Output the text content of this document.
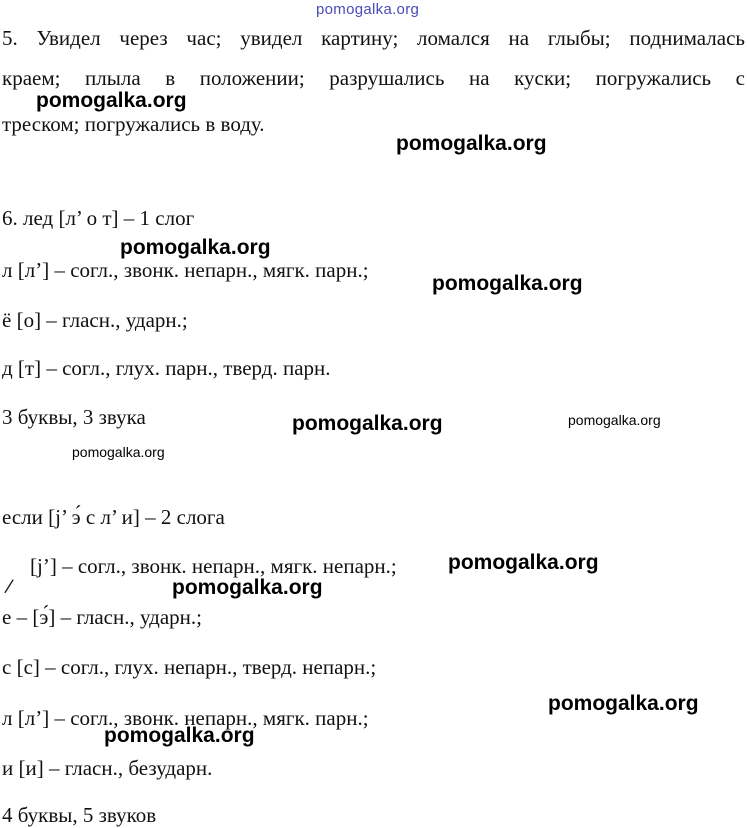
pomogalka.org
5. Увидел через час; увидел картину; ломался на глыбы; поднималась
краем; плыла в положении; разрушались на куски; погружались с
треском; погружались в воду.
6. лед [л’ о т] – 1 слог
л [л’] – согл., звонк. непарн., мягк. парн.;
ё [о] – гласн., ударн.;
д [т] – согл., глух. парн., тверд. парн.
3 буквы, 3 звука
если [j’ э́ с л’ и] – 2 слога
[j’] – согл., звонк. непарн., мягк. непарн.;
/
е – [э́] – гласн., ударн.;
с [с] – согл., глух. непарн., тверд. непарн.;
л [л’] – согл., звонк. непарн., мягк. парн.;
и [и] – гласн., безударн.
4 буквы, 5 звуков
pomogalka.org
pomogalka.org
pomogalka.org
pomogalka.org
pomogalka.org	pomogalka.org
pomogalka.org
pomogalka.org
pomogalka.org
pomogalka.org
pomogalka.org
